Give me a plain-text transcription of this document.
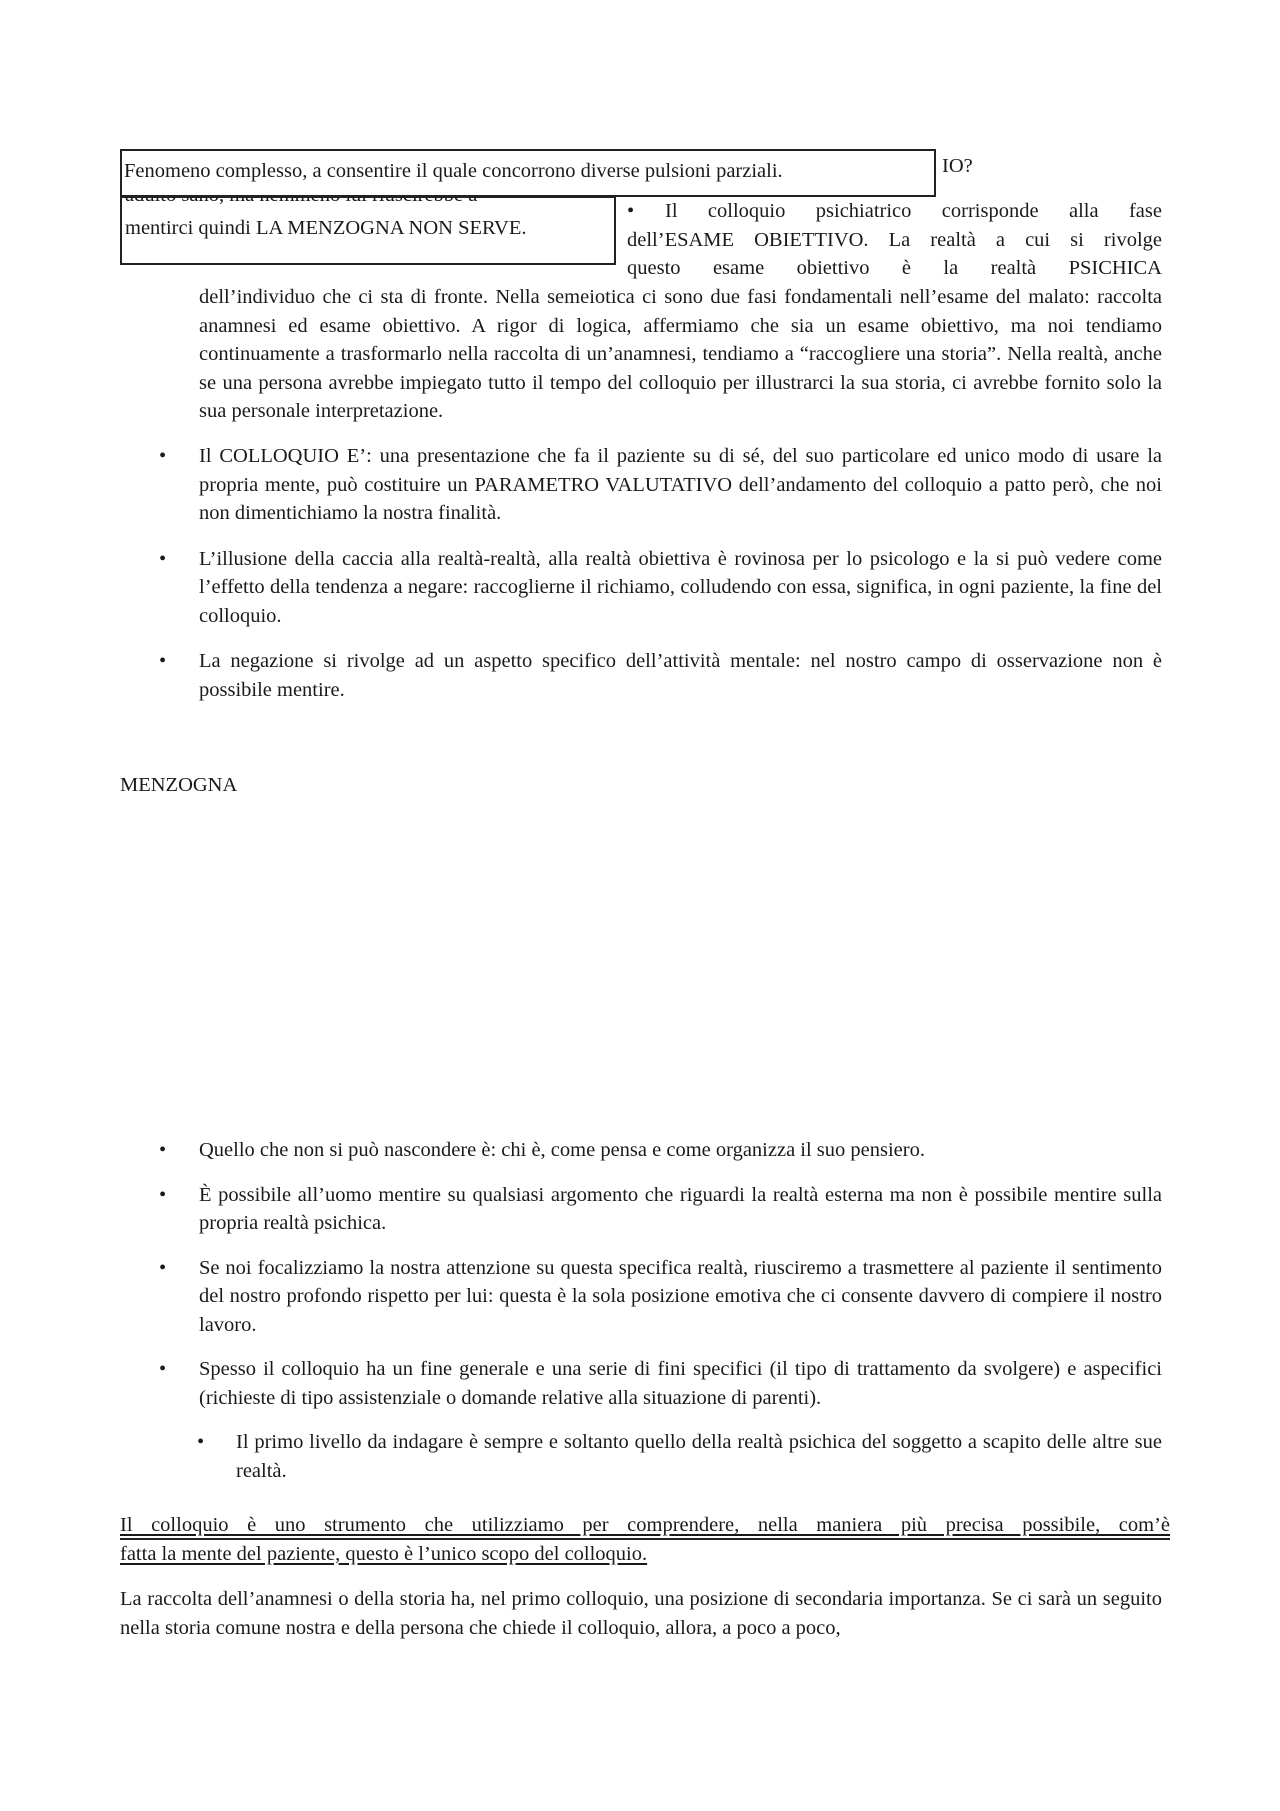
Fenomeno complesso, a consentire il quale concorrono diverse pulsioni parziali.	IO?
mentirci quindi LA MENZOGNA NON SERVE.
•	Il colloquio psichiatrico corrisponde alla fase
dell’ESAME OBIETTIVO. La realtà a cui si rivolge
questo esame obiettivo è la realtà PSICHICA
dell’individuo che ci sta di fronte. Nella semeiotica ci sono due fasi fondamentali nell’esame del malato: raccolta anamnesi ed esame obiettivo. A rigor di logica, affermiamo che sia un esame obiettivo, ma noi tendiamo continuamente a trasformarlo nella raccolta di un’anamnesi, tendiamo a “raccogliere una storia”. Nella realtà, anche se una persona avrebbe impiegato tutto il tempo del colloquio per illustrarci la sua storia, ci avrebbe fornito solo la sua personale interpretazione.
• Il COLLOQUIO E’: una presentazione che fa il paziente su di sé, del suo particolare ed unico modo di usare la propria mente, può costituire un PARAMETRO VALUTATIVO dell’andamento del colloquio a patto però, che noi non dimentichiamo la nostra finalità.
• L’illusione della caccia alla realtà-realtà, alla realtà obiettiva è rovinosa per lo psicologo e la si può vedere come l’effetto della tendenza a negare: raccoglierne il richiamo, colludendo con essa, significa, in ogni paziente, la fine del colloquio.
• La negazione si rivolge ad un aspetto specifico dell’attività mentale: nel nostro campo di osservazione non è possibile mentire.
MENZOGNA
• Quello che non si può nascondere è: chi è, come pensa e come organizza il suo pensiero.
• È possibile all’uomo mentire su qualsiasi argomento che riguardi la realtà esterna ma non è possibile mentire sulla propria realtà psichica.
• Se noi focalizziamo la nostra attenzione su questa specifica realtà, riusciremo a trasmettere al paziente il sentimento del nostro profondo rispetto per lui: questa è la sola posizione emotiva che ci consente davvero di compiere il nostro lavoro.
• Spesso il colloquio ha un fine generale e una serie di fini specifici (il tipo di trattamento da svolgere) e aspecifici (richieste di tipo assistenziale o domande relative alla situazione di parenti).
• Il primo livello da indagare è sempre e soltanto quello della realtà psichica del soggetto a scapito delle altre sue realtà.
Il colloquio è uno strumento che utilizziamo per comprendere, nella maniera più precisa possibile, com’è
fatta la mente del paziente, questo è l’unico scopo del colloquio.
La raccolta dell’anamnesi o della storia ha, nel primo colloquio, una posizione di secondaria importanza. Se ci sarà un seguito nella storia comune nostra e della persona che chiede il colloquio, allora, a poco a poco,
